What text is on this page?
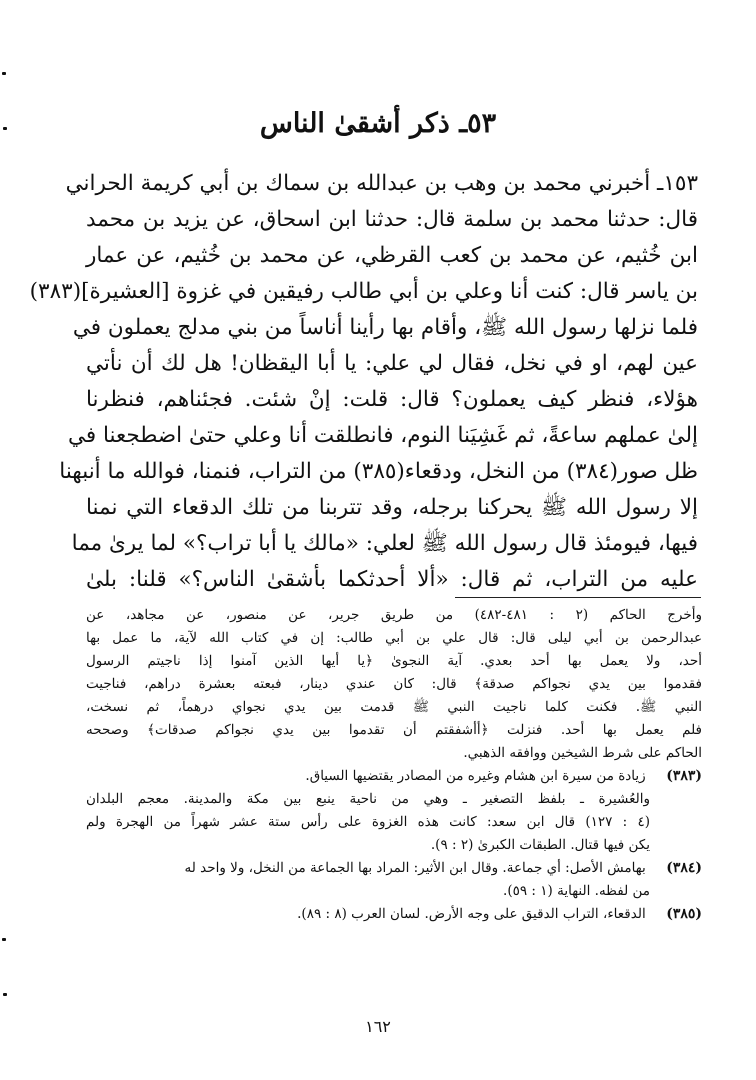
٥٣ـ ذكر أشقىٰ الناس
١٥٣ـ أخبرني محمد بن وهب بن عبدالله بن سماك بن أبي كريمة الحراني
قال: حدثنا محمد بن سلمة قال: حدثنا ابن اسحاق، عن يزيد بن محمد
ابن خُثيم، عن محمد بن كعب القرظي، عن محمد بن خُثيم، عن عمار
بن ياسر قال: كنت أنا وعلي بن أبي طالب رفيقين في غزوة [العشيرة](٣٨٣)
فلما نزلها رسول الله ﷺ، وأقام بها رأينا أناساً من بني مدلج يعملون في
عين لهم، او في نخل، فقال لي علي: يا أبا اليقظان! هل لك أن نأتي
هؤلاء، فنظر كيف يعملون؟ قال: قلت: إنْ شئت. فجئناهم، فنظرنا
إلىٰ عملهم ساعةً، ثم غَشِيَنا النوم، فانطلقت أنا وعلي حتىٰ اضطجعنا في
ظل صور(٣٨٤) من النخل، ودقعاء(٣٨٥) من التراب، فنمنا، فوالله ما أنبهنا
إلا رسول الله ﷺ يحركنا برجله، وقد تتربنا من تلك الدقعاء التي نمنا
فيها، فيومئذ قال رسول الله ﷺ لعلي: «مالك يا أبا تراب؟» لما يرىٰ مما
عليه من التراب، ثم قال: «ألا أحدثكما بأشقىٰ الناس؟» قلنا: بلىٰ
وأخرج الحاكم (٢ : ٤٨١-٤٨٢) من طريق جرير، عن منصور، عن مجاهد، عن
عبدالرحمن بن أبي ليلى قال: قال علي بن أبي طالب: إن في كتاب الله لآية، ما عمل بها
أحد، ولا يعمل بها أحد بعدي. آية النجوىٰ ﴿يا أيها الذين آمنوا إذا ناجيتم الرسول
فقدموا بين يدي نجواكم صدقة﴾ قال: كان عندي دينار، فبعته بعشرة دراهم، فناجيت
النبي ﷺ. فكنت كلما ناجيت النبي ﷺ قدمت بين يدي نجواي درهماً، ثم نسخت،
فلم يعمل بها أحد. فنزلت ﴿أأشفقتم أن تقدموا بين يدي نجواكم صدقات﴾ وصححه
الحاكم على شرط الشيخين ووافقه الذهبي.
(٣٨٣) زيادة من سيرة ابن هشام وغيره من المصادر يقتضيها السياق.
والعُشيرة ـ بلفظ التصغير ـ وهي من ناحية ينبع بين مكة والمدينة. معجم البلدان
(٤ : ١٢٧) قال ابن سعد: كانت هذه الغزوة على رأس ستة عشر شهراً من الهجرة ولم
يكن فيها قتال. الطبقات الكبرىٰ (٢ : ٩).
(٣٨٤) بهامش الأصل: أي جماعة. وقال ابن الأثير: المراد بها الجماعة من النخل، ولا واحد له
من لفظه. النهاية (١ : ٥٩).
(٣٨٥) الدقعاء، التراب الدقيق على وجه الأرض. لسان العرب (٨ : ٨٩).
١٦٢
